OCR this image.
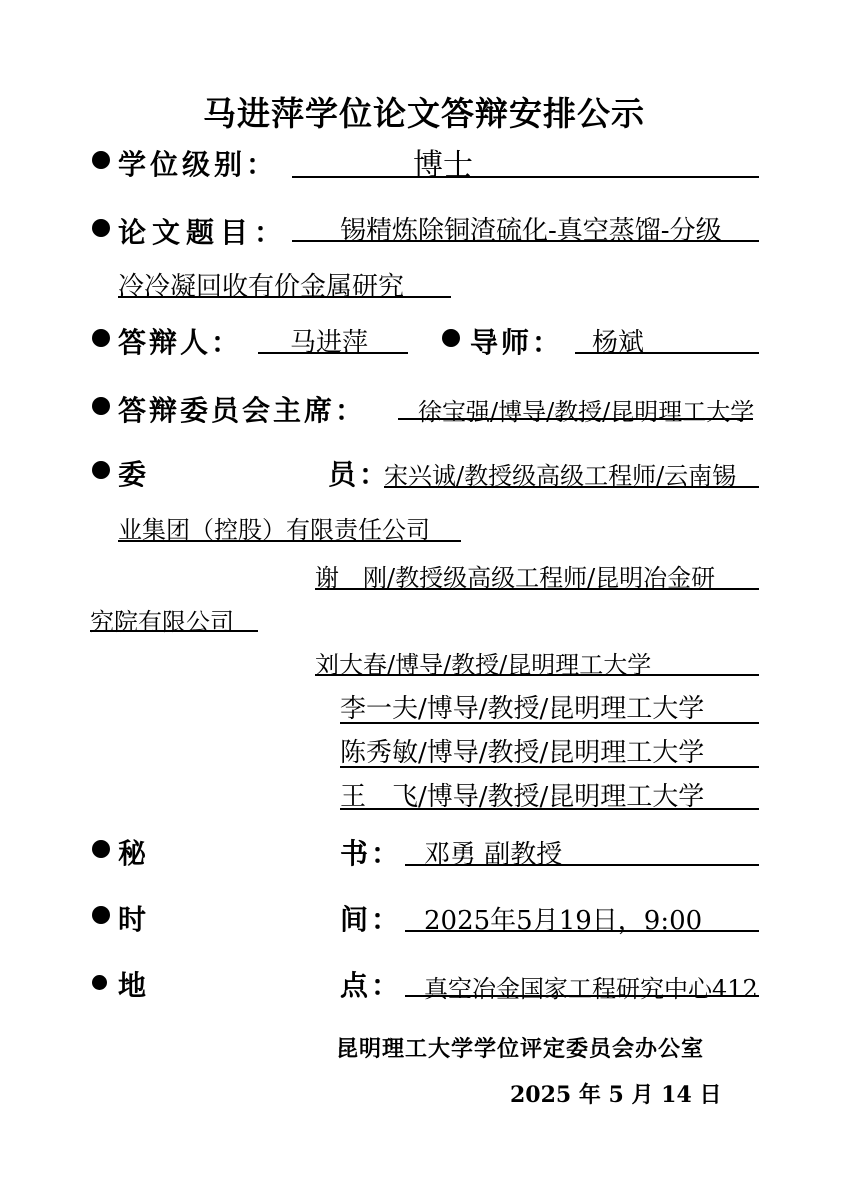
马进萍学位论文答辩安排公示
学位级别：	博士
论文题目： 锡精炼除铜渣硫化-真空蒸馏-分级
冷冷凝回收有价金属研究
答辩人： 马进萍	导师： 杨斌
答辩委员会主席： 徐宝强/博导/教授/昆明理工大学
委	员：
宋兴诚/教授级高级工程师/云南锡
业集团（控股）有限责任公司
谢　刚/教授级高级工程师/昆明冶金研
究院有限公司
刘大春/博导/教授/昆明理工大学
李一夫/博导/教授/昆明理工大学
陈秀敏/博导/教授/昆明理工大学
王　飞/博导/教授/昆明理工大学
秘	书： 邓勇 副教授
时	间： 2025年5月19日，9:00
地	点： 真空冶金国家工程研究中心412
昆明理工大学学位评定委员会办公室
2025 年 5 月 14 日
